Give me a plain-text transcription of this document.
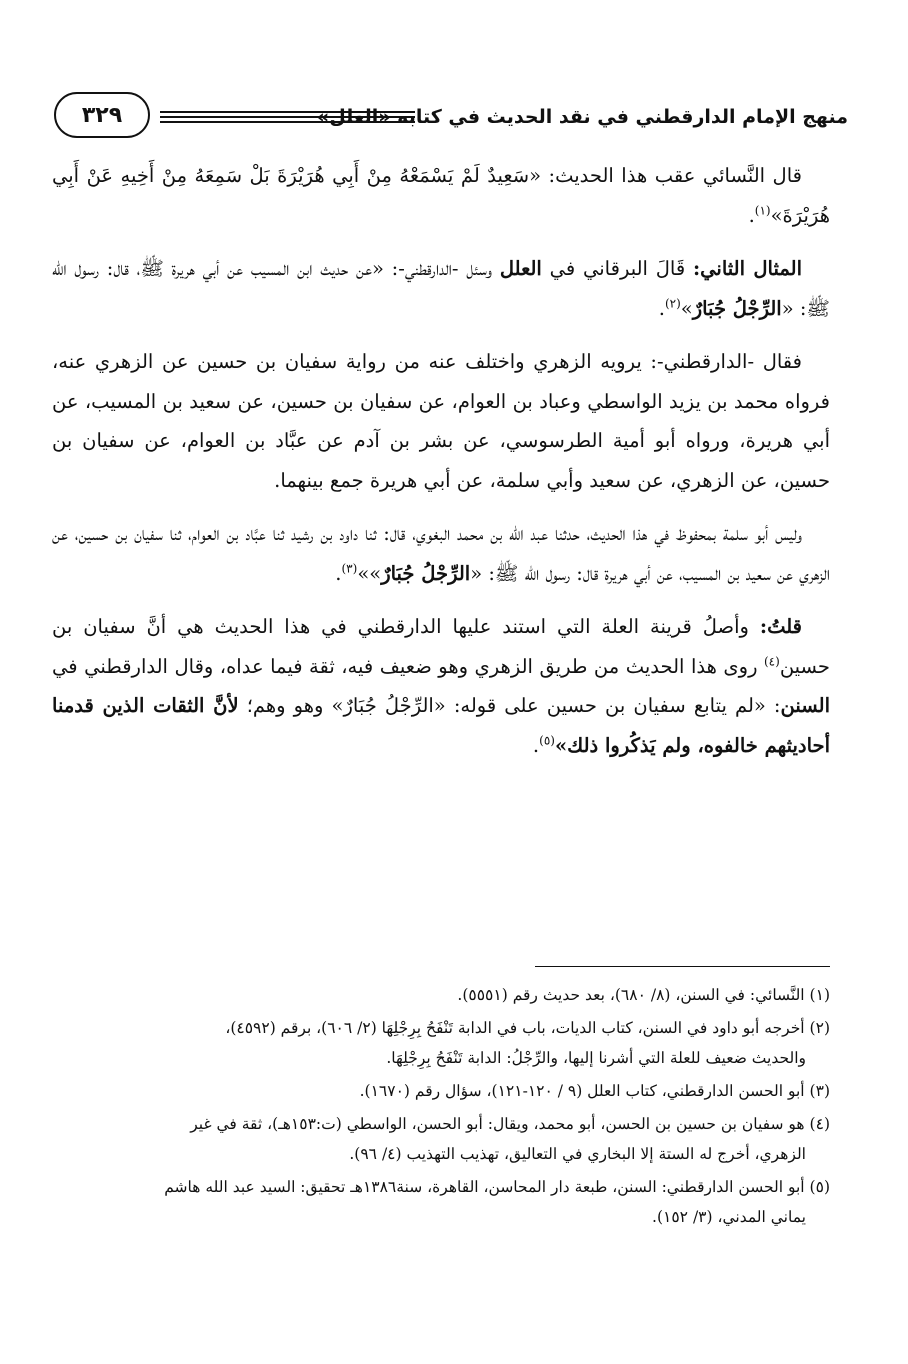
منهج الإمام الدارقطني في نقد الحديث في كتابه «العلل»
٣٢٩

قال النَّسائي عقب هذا الحديث: «سَعِيدٌ لَمْ يَسْمَعْهُ مِنْ أَبِي هُرَيْرَةَ بَلْ سَمِعَهُ مِنْ أَخِيهِ عَنْ أَبِي هُرَيْرَةَ»$^{(١)}$.

المثال الثاني: قَالَ البرقاني في العلل وسئل -الدارقطني-: «عن حديث ابن المسيب عن أبي هريرة ﷺ، قال: رسول الله ﷺ: «الرِّجْلُ جُبَارٌ»$^{(٢)}$.

فقال -الدارقطني-: يرويه الزهري واختلف عنه من رواية سفيان بن حسين عن الزهري عنه، فرواه محمد بن يزيد الواسطي وعباد بن العوام، عن سفيان بن حسين، عن سعيد بن المسيب، عن أبي هريرة، ورواه أبو أمية الطرسوسي، عن بشر بن آدم عن عبَّاد بن العوام، عن سفيان بن حسين، عن الزهري، عن سعيد وأبي سلمة، عن أبي هريرة جمع بينهما.

وليس أبو سلمة بمحفوظ في هذا الحديث، حدثنا عبد الله بن محمد البغوي، قال: ثنا داود بن رشيد ثنا عبَّاد بن العوام، ثنا سفيان بن حسين، عن الزهري عن سعيد بن المسيب، عن أبي هريرة قال: رسول الله ﷺ: «الرِّجْلُ جُبَارٌ»»$^{(٣)}$.

قلتُ: وأصلُ قرينة العلة التي استند عليها الدارقطني في هذا الحديث هي أنَّ سفيان بن حسين$^{(٤)}$ روى هذا الحديث من طريق الزهري وهو ضعيف فيه، ثقة فيما عداه، وقال الدارقطني في السنن: «لم يتابع سفيان بن حسين على قوله: «الرِّجْلُ جُبَارٌ» وهو وهم؛ لأنَّ الثقات الذين قدمنا أحاديثهم خالفوه، ولم يَذكُروا ذلك»$^{(٥)}$.

(١) النَّسائي: في السنن، (٨/ ٦٨٠)، بعد حديث رقم (٥٥٥١).
(٢) أخرجه أبو داود في السنن، كتاب الديات، باب في الدابة تَنْفَحُ بِرِجْلِهَا (٢/ ٦٠٦)، برقم (٤٥٩٢)،
والحديث ضعيف للعلة التي أشرنا إليها، والرِّجْلُ: الدابة تَنْفَحُ بِرِجْلِهَا.
(٣) أبو الحسن الدارقطني، كتاب العلل (٩ / ١٢٠-١٢١)، سؤال رقم (١٦٧٠).
(٤) هو سفيان بن حسين بن الحسن، أبو محمد، ويقال: أبو الحسن، الواسطي (ت:١٥٣هـ)، ثقة في غير
الزهري، أخرج له الستة إلا البخاري في التعاليق، تهذيب التهذيب (٤/ ٩٦).
(٥) أبو الحسن الدارقطني: السنن، طبعة دار المحاسن، القاهرة، سنة١٣٨٦هـ تحقيق: السيد عبد الله هاشم
يماني المدني، (٣/ ١٥٢).
